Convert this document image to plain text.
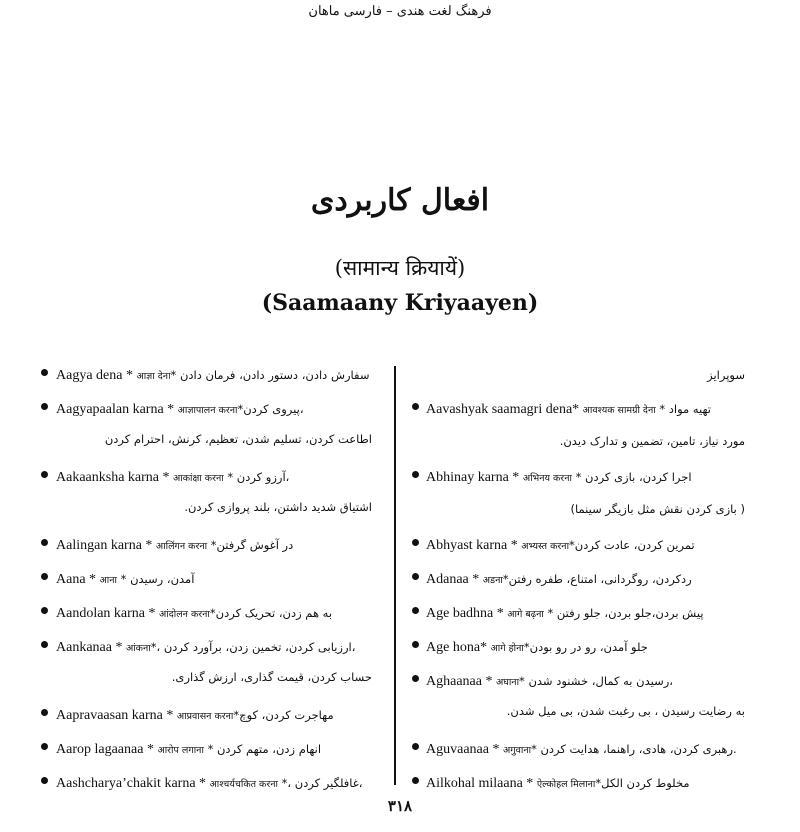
فرهنگ لغت هندی – فارسی ماهان
افعال کاربردی
(सामान्य क्रियायें)
(Saamaany Kriyaayen)
Aagya dena * आज्ञा देना* سفارش دادن، دستور دادن، فرمان دادن
Aagyapaalan karna * आज्ञापालन करना*پیروی کردن،
اطاعت کردن، تسلیم شدن، تعظیم، کرنش، احترام کردن
Aakaanksha karna * आकांक्षा करना * آرزو کردن،
اشتیاق شدید داشتن، بلند پروازی کردن.
Aalingan karna * आलिंगन करना *در آغوش گرفتن
Aana * आना * آمدن، رسیدن
Aandolan karna * आंदोलन करना*به هم زدن، تحریک کردن
Aankanaa * आंकना*، ارزیابی کردن، تخمین زدن، برآورد کردن،
حساب کردن، قیمت گذاری، ارزش گذاری.
Aapravaasan karna * आप्रवासन करना*مهاجرت کردن، کوچ
Aarop lagaanaa * आरोप लगाना * انهام زدن، متهم کردن
Aashcharya’chakit karna * आश्चर्यचकित करना *، غافلگیر کردن،
سوپرایز
Aavashyak saamagri dena* आवश्यक सामग्री देना * تهیه مواد
مورد نیاز، تامین، تضمین و تدارک دیدن.
Abhinay karna * अभिनय करना * اجرا کردن، بازی کردن
( بازی کردن نقش مثل بازیگر سینما)
Abhyast karna * अभ्यस्त करना*تمرین کردن، عادت کردن
Adanaa * अडना*ردکردن، روگردانی، امتناع، طفره رفتن
Age badhna * आगे बढ़ना * پیش بردن،جلو بردن، جلو رفتن
Age hona* आगे होना*جلو آمدن، رو در رو بودن
Aghaanaa * अघाना* رسیدن به کمال، خشنود شدن،
به رضایت رسیدن ، بی رغبت شدن، بی میل شدن.
Aguvaanaa * अगुवाना* رهبری کردن، هادی، راهنما، هدایت کردن.
Ailkohal milaana * ऐल्कोहल मिलाना*مخلوط کردن الکل
۳۱۸
